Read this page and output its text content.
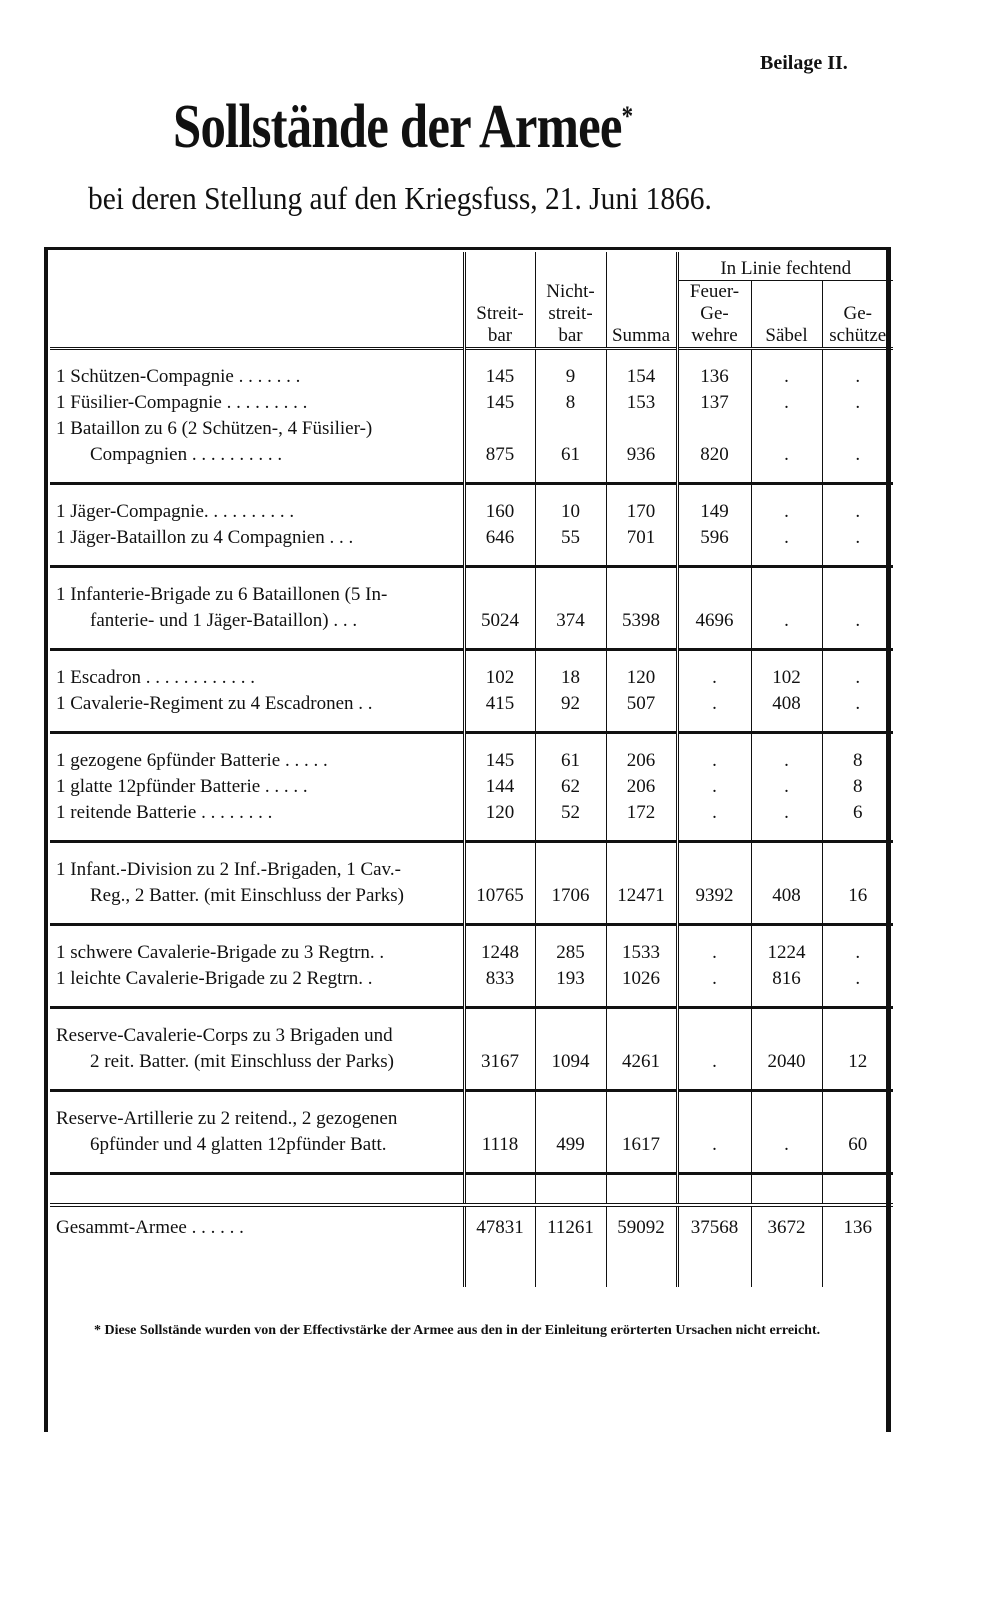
Beilage II.
Sollstände der Armee*
bei deren Stellung auf den Kriegsfuss, 21. Juni 1866.
	Streit- bar	Nicht- streit- bar	Summa	In Linie fechtend		
				Feuer- Ge- wehre	Säbel	Ge- schütze

1 Schützen-Compagnie . . . . . . .	145	9	154	136	.	.
1 Füsilier-Compagnie . . . . . . . . .	145	8	153	137	.	.
1 Bataillon zu 6 (2 Schützen-, 4 Füsilier-)						
Compagnien . . . . . . . . . .	875	61	936	820	.	.

1 Jäger-Compagnie. . . . . . . . . .	160	10	170	149	.	.
1 Jäger-Bataillon zu 4 Compagnien . . .	646	55	701	596	.	.

1 Infanterie-Brigade zu 6 Bataillonen (5 In-						
fanterie- und 1 Jäger-Bataillon) . . .	5024	374	5398	4696	.	.

1 Escadron . . . . . . . . . . . .	102	18	120	.	102	.
1 Cavalerie-Regiment zu 4 Escadronen . .	415	92	507	.	408	.

1 gezogene 6pfünder Batterie . . . . .	145	61	206	.	.	8
1 glatte 12pfünder Batterie . . . . .	144	62	206	.	.	8
1 reitende Batterie . . . . . . . .	120	52	172	.	.	6

1 Infant.-Division zu 2 Inf.-Brigaden, 1 Cav.-						
Reg., 2 Batter. (mit Einschluss der Parks)	10765	1706	12471	9392	408	16

1 schwere Cavalerie-Brigade zu 3 Regtrn. .	1248	285	1533	.	1224	.
1 leichte Cavalerie-Brigade zu 2 Regtrn. .	833	193	1026	.	816	.

Reserve-Cavalerie-Corps zu 3 Brigaden und						
2 reit. Batter. (mit Einschluss der Parks)	3167	1094	4261	.	2040	12

Reserve-Artillerie zu 2 reitend., 2 gezogenen						
6pfünder und 4 glatten 12pfünder Batt.	1118	499	1617	.	.	60

Gesammt-Armee . . . . . .	47831	11261	59092	37568	3672	136

* Diese Sollstände wurden von der Effectivstärke der Armee aus den in der Einleitung erörterten Ursachen nicht erreicht.
